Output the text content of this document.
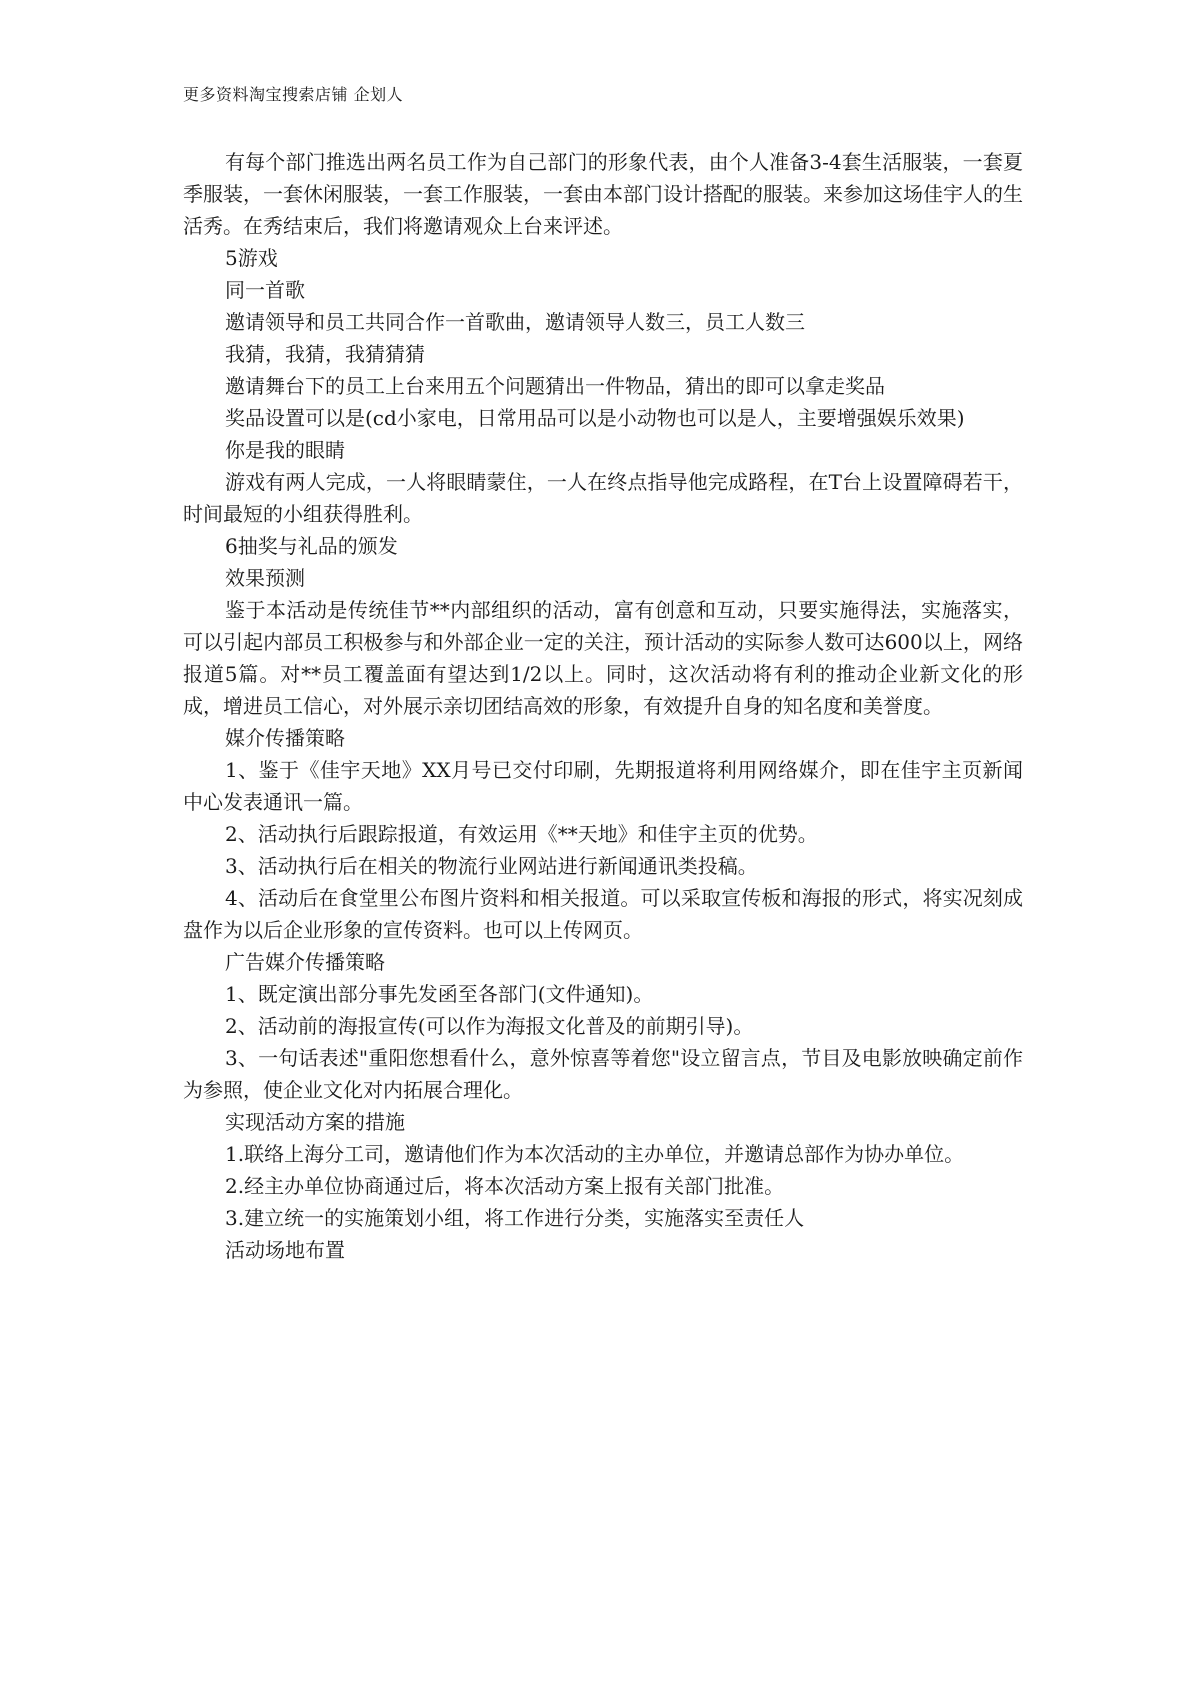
更多资料淘宝搜索店铺 企划人

有每个部门推选出两名员工作为自己部门的形象代表，由个人准备3-4套生活服装，一套夏季服装，一套休闲服装，一套工作服装，一套由本部门设计搭配的服装。来参加这场佳宇人的生活秀。在秀结束后，我们将邀请观众上台来评述。

5游戏

同一首歌

邀请领导和员工共同合作一首歌曲，邀请领导人数三，员工人数三

我猜，我猜，我猜猜猜

邀请舞台下的员工上台来用五个问题猜出一件物品，猜出的即可以拿走奖品

奖品设置可以是(cd小家电，日常用品可以是小动物也可以是人，主要增强娱乐效果)

你是我的眼睛

游戏有两人完成，一人将眼睛蒙住，一人在终点指导他完成路程，在T台上设置障碍若干，时间最短的小组获得胜利。

6抽奖与礼品的颁发

效果预测

鉴于本活动是传统佳节**内部组织的活动，富有创意和互动，只要实施得法，实施落实，可以引起内部员工积极参与和外部企业一定的关注，预计活动的实际参人数可达600以上，网络报道5篇。对**员工覆盖面有望达到1/2以上。同时，这次活动将有利的推动企业新文化的形成，增进员工信心，对外展示亲切团结高效的形象，有效提升自身的知名度和美誉度。

媒介传播策略

1、鉴于《佳宇天地》XX月号已交付印刷，先期报道将利用网络媒介，即在佳宇主页新闻中心发表通讯一篇。

2、活动执行后跟踪报道，有效运用《**天地》和佳宇主页的优势。

3、活动执行后在相关的物流行业网站进行新闻通讯类投稿。

4、活动后在食堂里公布图片资料和相关报道。可以采取宣传板和海报的形式，将实况刻成盘作为以后企业形象的宣传资料。也可以上传网页。

广告媒介传播策略

1、既定演出部分事先发函至各部门(文件通知)。

2、活动前的海报宣传(可以作为海报文化普及的前期引导)。

3、一句话表述"重阳您想看什么，意外惊喜等着您"设立留言点，节目及电影放映确定前作为参照，使企业文化对内拓展合理化。

实现活动方案的措施

1.联络上海分工司，邀请他们作为本次活动的主办单位，并邀请总部作为协办单位。

2.经主办单位协商通过后，将本次活动方案上报有关部门批准。

3.建立统一的实施策划小组，将工作进行分类，实施落实至责任人

活动场地布置
